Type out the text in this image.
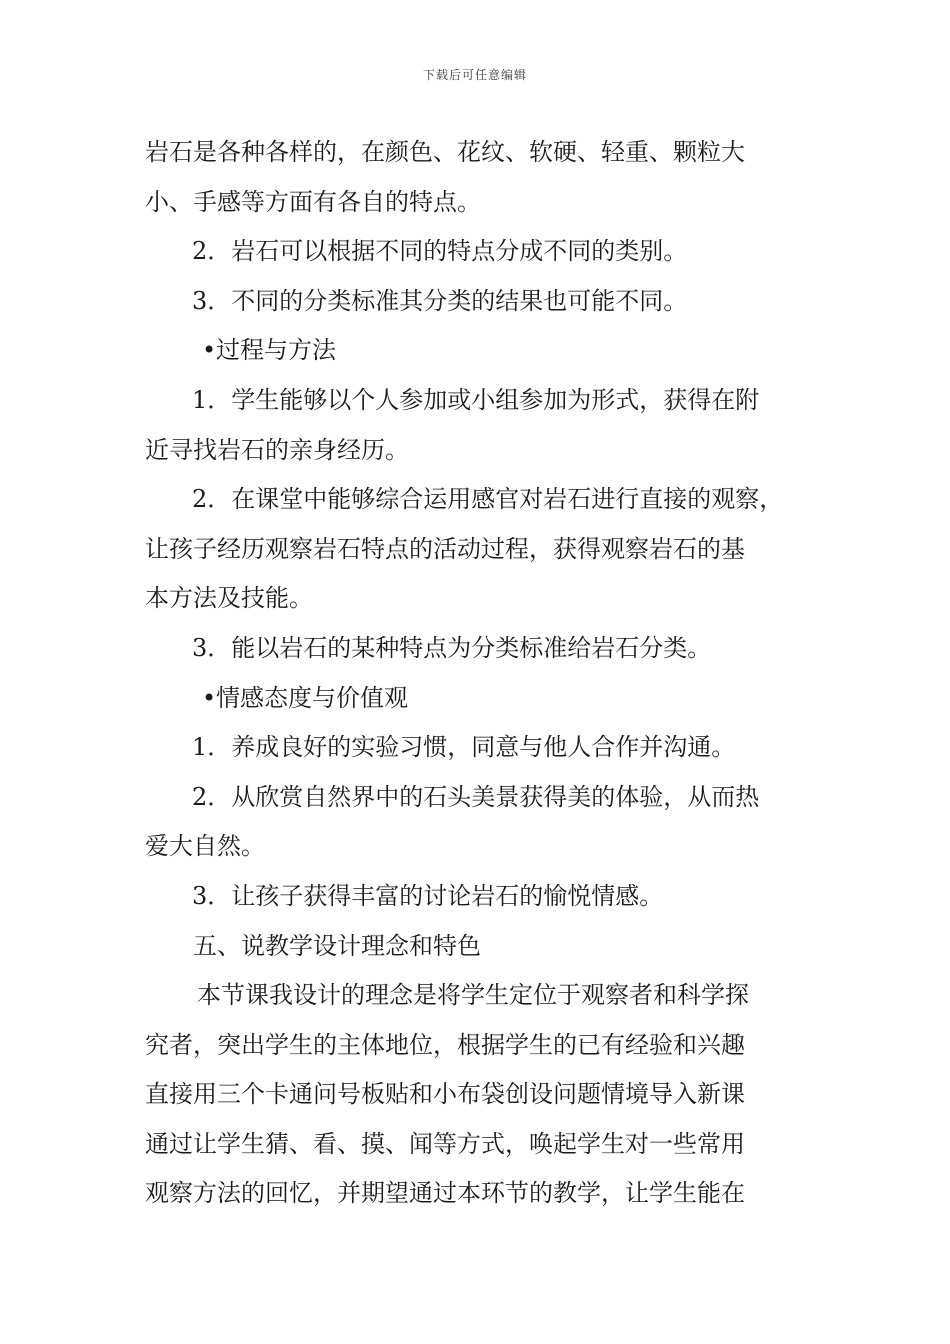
下载后可任意编辑
岩石是各种各样的，在颜色、花纹、软硬、轻重、颗粒大
小、手感等方面有各自的特点。
2．岩石可以根据不同的特点分成不同的类别。
3．不同的分类标准其分类的结果也可能不同。
•过程与方法
1．学生能够以个人参加或小组参加为形式，获得在附
近寻找岩石的亲身经历。
2．在课堂中能够综合运用感官对岩石进行直接的观察，
让孩子经历观察岩石特点的活动过程，获得观察岩石的基
本方法及技能。
3．能以岩石的某种特点为分类标准给岩石分类。
•情感态度与价值观
1．养成良好的实验习惯，同意与他人合作并沟通。
2．从欣赏自然界中的石头美景获得美的体验，从而热
爱大自然。
3．让孩子获得丰富的讨论岩石的愉悦情感。
五、说教学设计理念和特色
本节课我设计的理念是将学生定位于观察者和科学探
究者，突出学生的主体地位，根据学生的已有经验和兴趣
直接用三个卡通问号板贴和小布袋创设问题情境导入新课
通过让学生猜、看、摸、闻等方式，唤起学生对一些常用
观察方法的回忆，并期望通过本环节的教学，让学生能在
